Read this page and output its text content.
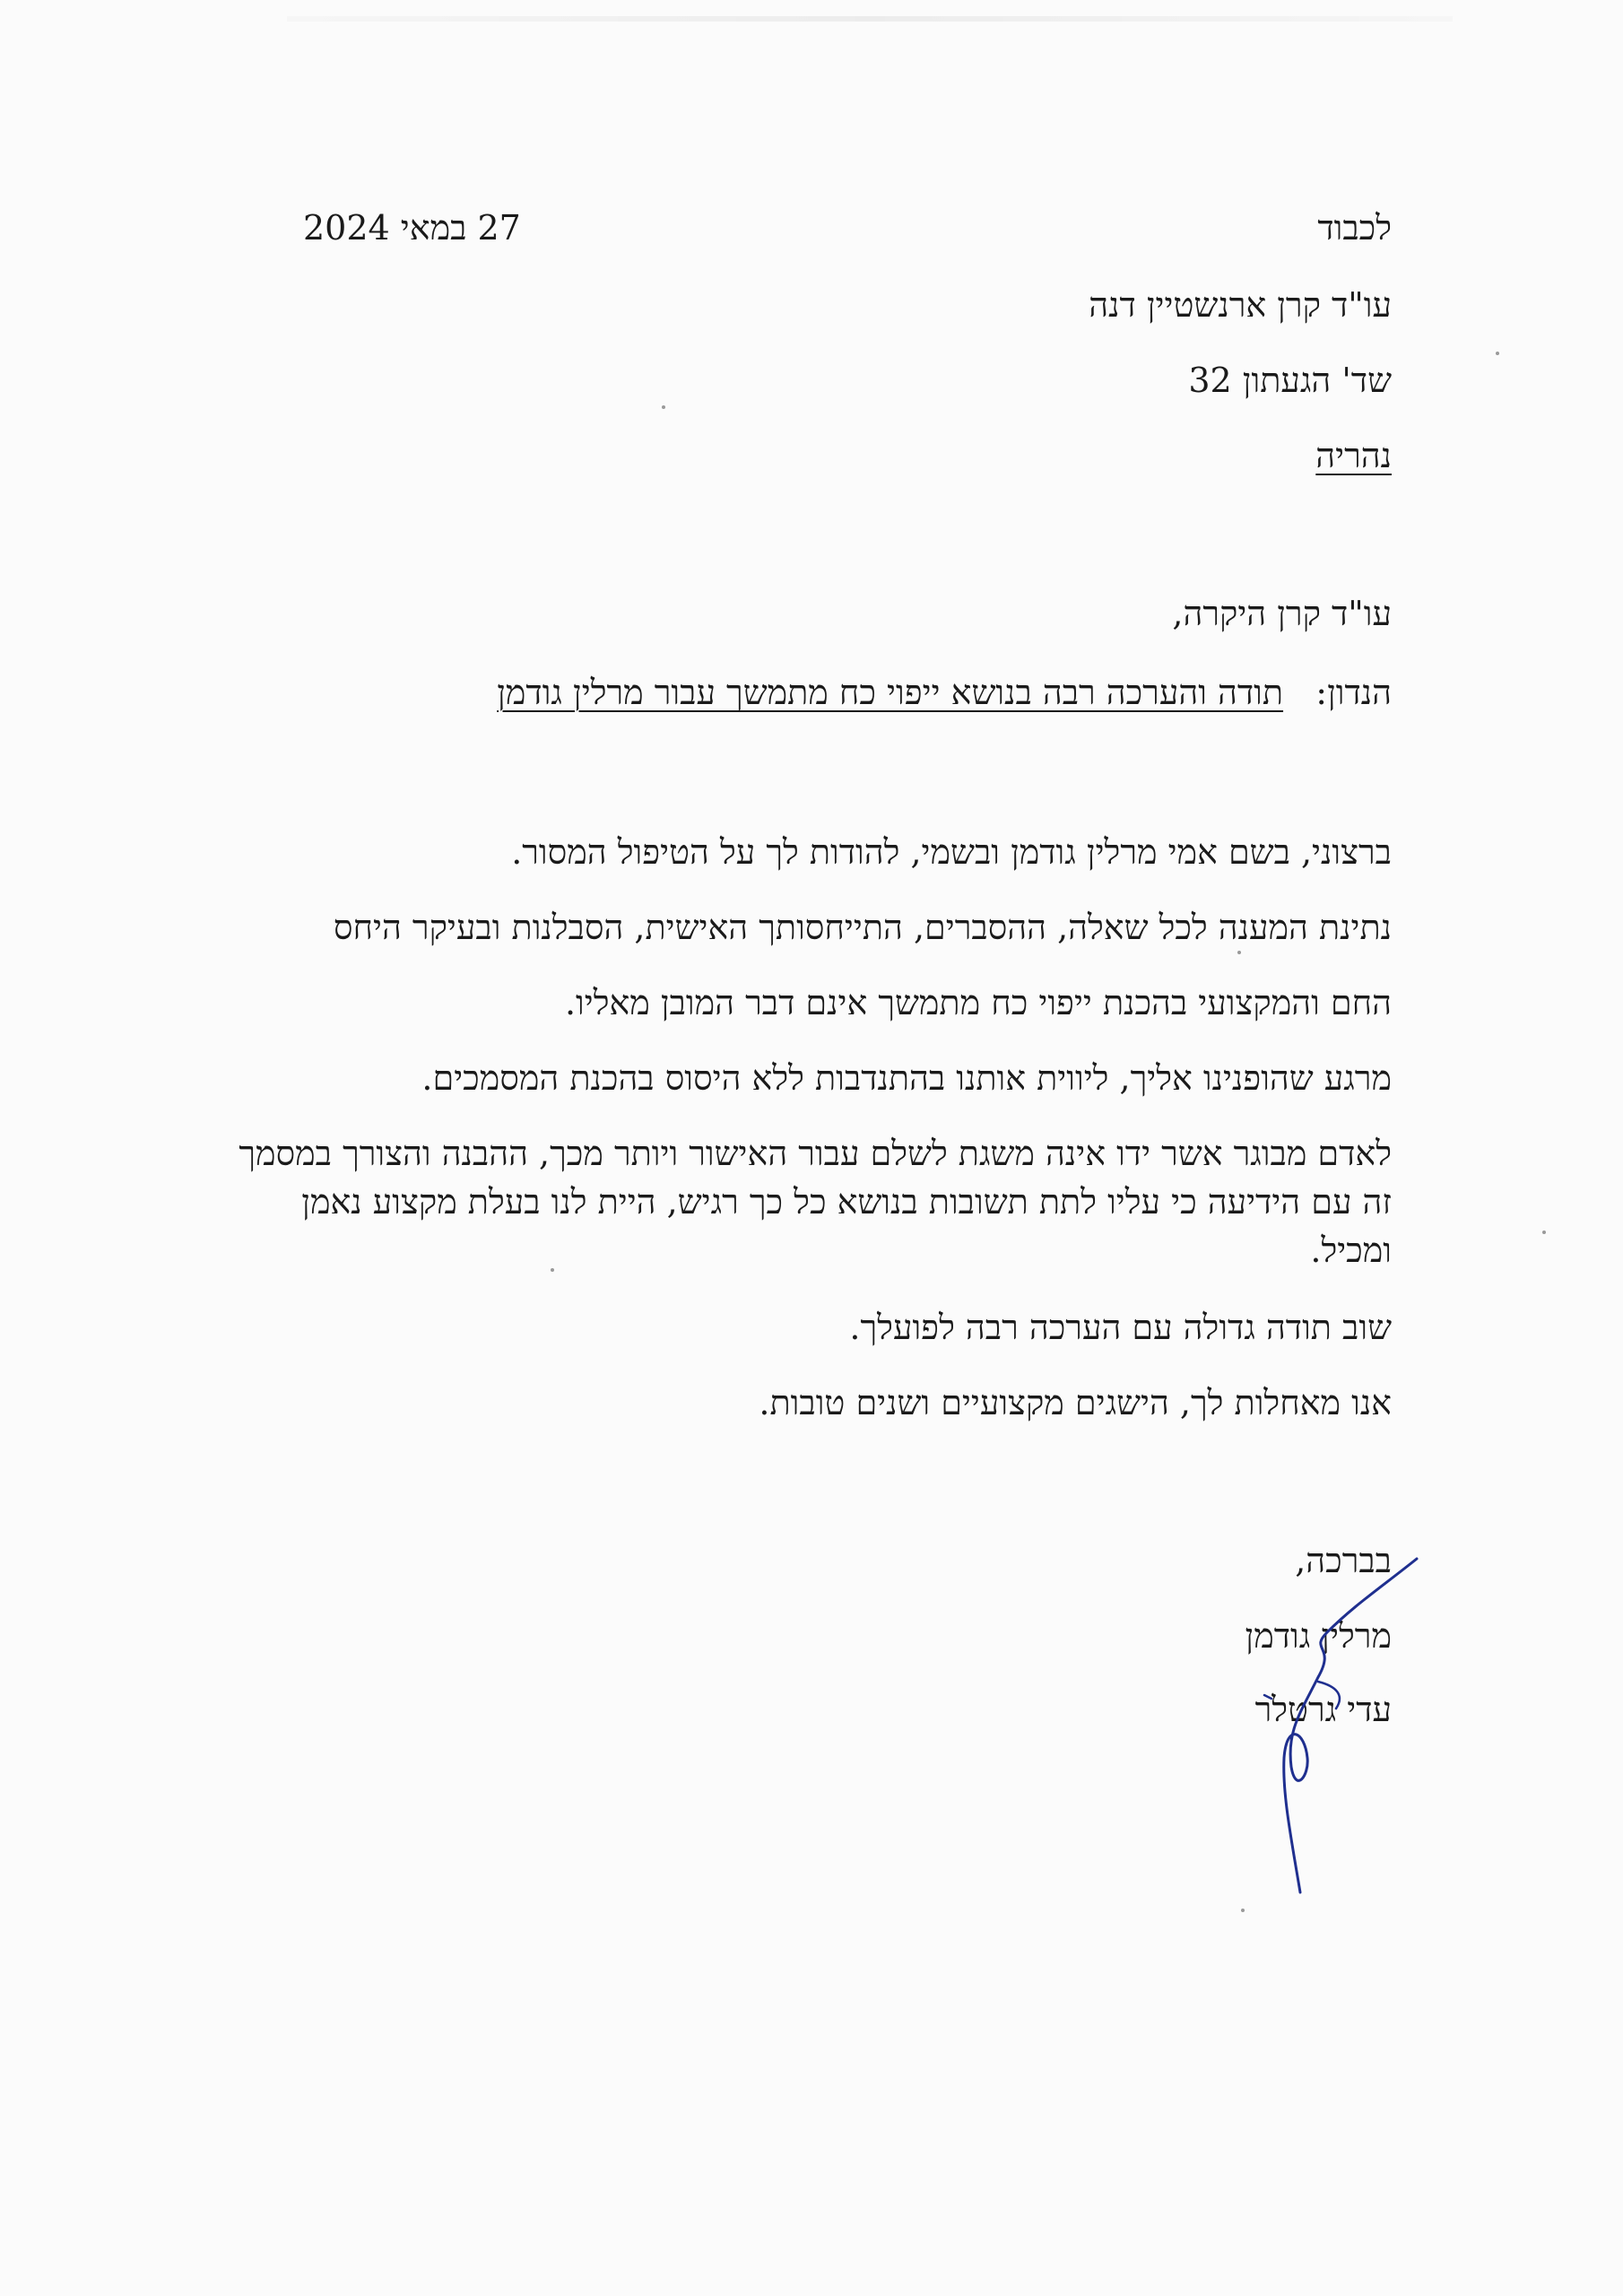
לכבוד
27 במאי 2024
עו"ד קרן ארנשטיין דנה
שד' הגעתון 32
נהריה
עו"ד קרן היקרה,
הנדון:   תודה והערכה רבה בנושא ייפוי כח מתמשך עבור מרלין גודמן
ברצוני, בשם אמי מרלין גודמן ובשמי, להודות לך על הטיפול המסור.
נתינת המענה לכל שאלה, ההסברים, התייחסותך האישית, הסבלנות ובעיקר היחס
החם והמקצועי בהכנת ייפוי כח מתמשך אינם דבר המובן מאליו.
מרגע שהופנינו אליך, ליווית אותנו בהתנדבות ללא היסוס בהכנת המסמכים.
לאדם מבוגר אשר ידו אינה משגת לשלם עבור האישור ויותר מכך, ההבנה והצורך במסמך
זה עם הידיעה כי עליו לתת תשובות בנושא כל כך רגיש, היית לנו בעלת מקצוע נאמן
ומכיל.
שוב תודה גדולה עם הערכה רבה לפועלך.
אנו מאחלות לך, הישגים מקצועיים ושנים טובות.
בברכה,
מרלין גודמן
עדי גרטלר
